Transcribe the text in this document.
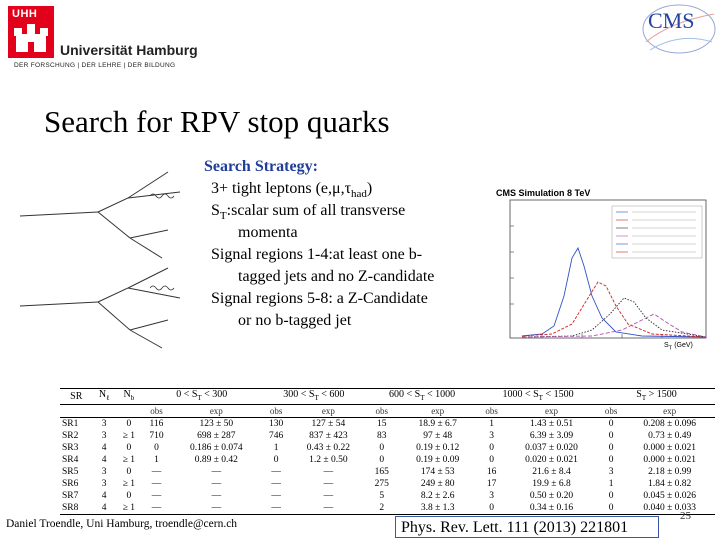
UHH
Universität Hamburg
DER FORSCHUNG | DER LEHRE | DER BILDUNG
CMS
Search for RPV stop quarks
Search Strategy:
3+ tight leptons $(e,\mu,\tau_{had})$
$S_T:scalar$ sum of all transverse
momenta
Signal regions 1-4:at least one b-
tagged jets and no Z-candidate
Signal regions 5-8: a Z-Candidate
or no b-tagged jet
CMS Simulation 8 TeV
$S_T$ (GeV)
SR	$N_\ell$	$N_b$	$0 < S_T < 300$		$300 < S_T < 600$		$600 < S_T < 1000$		$1000 < S_T < 1500$		$S_T > 1500$	
			obs	exp	obs	exp	obs	exp	obs	exp	obs	exp
SR1	3	0	116	123 ± 50	130	127 ± 54	15	18.9 ± 6.7	1	1.43 ± 0.51	0	0.208 ± 0.096
SR2	3	≥ 1	710	698 ± 287	746	837 ± 423	83	97 ± 48	3	6.39 ± 3.09	0	0.73 ± 0.49
SR3	4	0	0	0.186 ± 0.074	1	0.43 ± 0.22	0	0.19 ± 0.12	0	0.037 ± 0.020	0	0.000 ± 0.021
SR4	4	≥ 1	1	0.89 ± 0.42	0	1.2 ± 0.50	0	0.19 ± 0.09	0	0.020 ± 0.021	0	0.000 ± 0.021
SR5	3	0	—	—	—	—	165	174 ± 53	16	21.6 ± 8.4	3	2.18 ± 0.99
SR6	3	≥ 1	—	—	—	—	275	249 ± 80	17	19.9 ± 6.8	1	1.84 ± 0.82
SR7	4	0	—	—	—	—	5	8.2 ± 2.6	3	0.50 ± 0.20	0	0.045 ± 0.026
SR8	4	≥ 1	—	—	—	—	2	3.8 ± 1.3	0	0.34 ± 0.16	0	0.040 ± 0.033
Daniel Troendle, Uni Hamburg, troendle@cern.ch	Phys. Rev. Lett. 111 (2013) 221801
25
